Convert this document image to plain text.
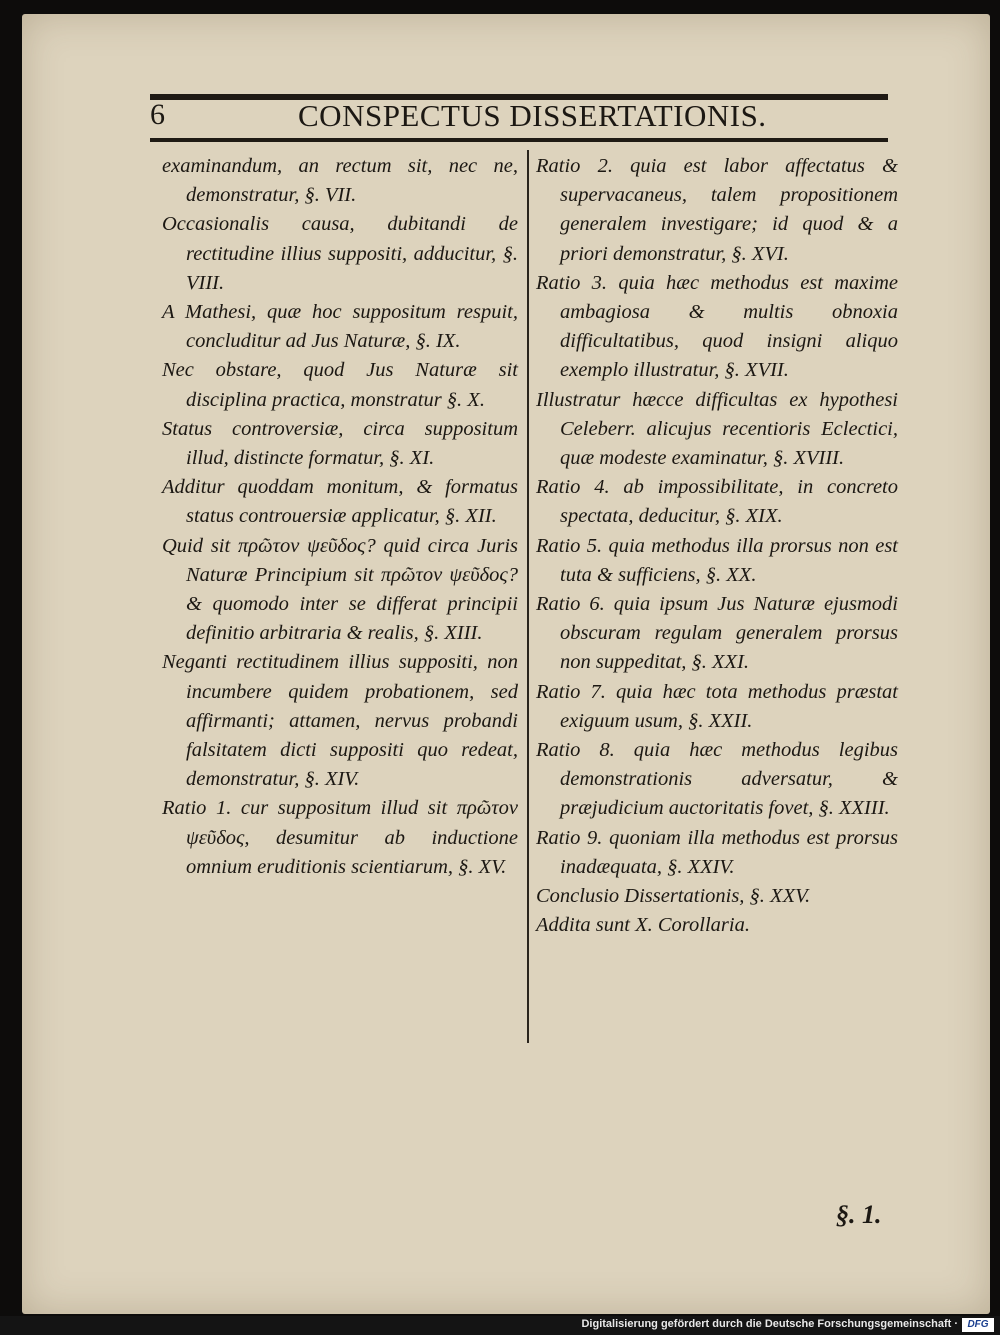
6	CONSPECTUS DISSERTATIONIS.

examinandum, an rectum sit, nec ne, demonstratur, §. VII.

Occasionalis causa, dubitandi de rectitudine illius suppositi, adducitur, §. VIII.

A Mathesi, quæ hoc suppositum respuit, concluditur ad Jus Naturæ, §. IX.

Nec obstare, quod Jus Naturæ sit disciplina practica, monstratur §. X.

Status controversiæ, circa suppositum illud, distincte formatur, §. XI.

Additur quoddam monitum, & formatus status controuersiæ applicatur, §. XII.

Quid sit πρῶτον ψεῦδος? quid circa Juris Naturæ Principium sit πρῶτον ψεῦδος? & quomodo inter se differat principii definitio arbitraria & realis, §. XIII.

Neganti rectitudinem illius suppositi, non incumbere quidem probationem, sed affirmanti; attamen, nervus probandi falsitatem dicti suppositi quo redeat, demonstratur, §. XIV.

Ratio 1. cur suppositum illud sit πρῶτον ψεῦδος, desumitur ab inductione omnium eruditionis scientiarum, §. XV.

Ratio 2. quia est labor affectatus & supervacaneus, talem propositionem generalem investigare; id quod & a priori demonstratur, §. XVI.

Ratio 3. quia hæc methodus est maxime ambagiosa & multis obnoxia difficultatibus, quod insigni aliquo exemplo illustratur, §. XVII.

Illustratur hæcce difficultas ex hypothesi Celeberr. alicujus recentioris Eclectici, quæ modeste examinatur, §. XVIII.

Ratio 4. ab impossibilitate, in concreto spectata, deducitur, §. XIX.

Ratio 5. quia methodus illa prorsus non est tuta & sufficiens, §. XX.

Ratio 6. quia ipsum Jus Naturæ ejusmodi obscuram regulam generalem prorsus non suppeditat, §. XXI.

Ratio 7. quia hæc tota methodus præstat exiguum usum, §. XXII.

Ratio 8. quia hæc methodus legibus demonstrationis adversatur, & præjudicium auctoritatis fovet, §. XXIII.

Ratio 9. quoniam illa methodus est prorsus inadæquata, §. XXIV.

Conclusio Dissertationis, §. XXV.

Addita sunt X. Corollaria.

§. 1.
Digitalisierung gefördert durch die Deutsche Forschungsgemeinschaft · DFG
